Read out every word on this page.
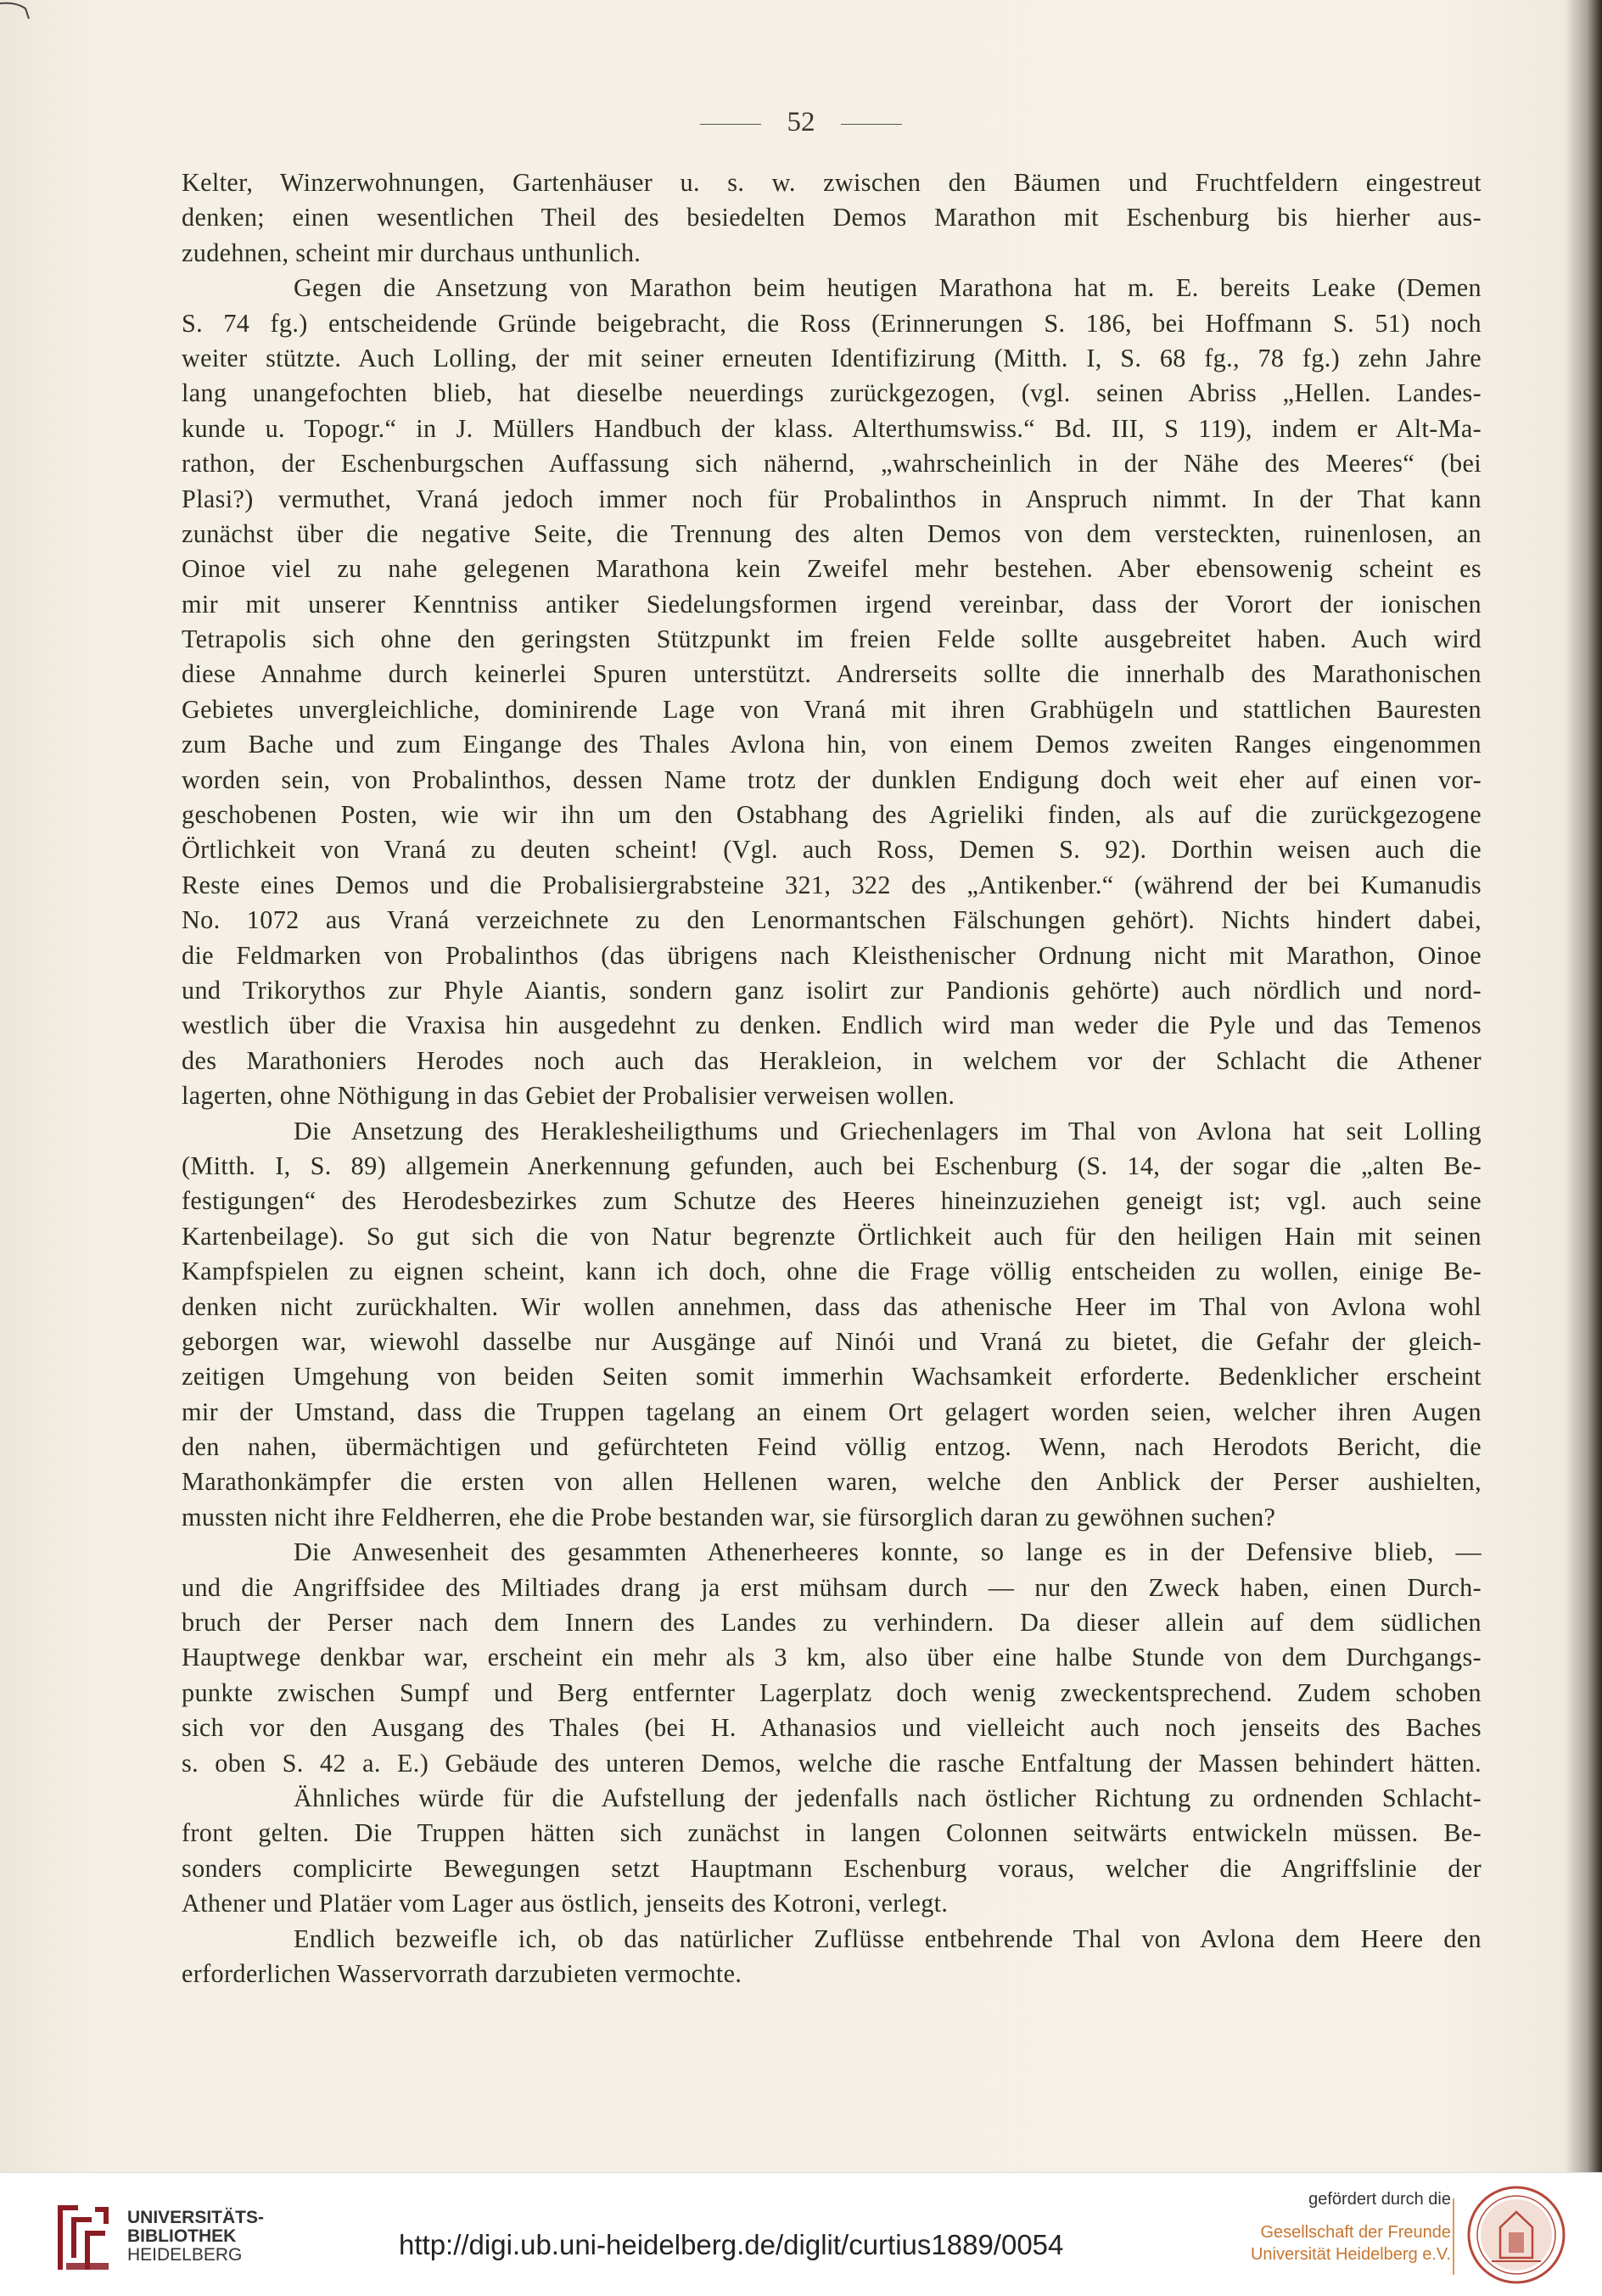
52
Kelter, Winzerwohnungen, Gartenhäuser u. s. w. zwischen den Bäumen und Fruchtfeldern eingestreut
denken; einen wesentlichen Theil des besiedelten Demos Marathon mit Eschenburg bis hierher aus-
zudehnen, scheint mir durchaus unthunlich.
Gegen die Ansetzung von Marathon beim heutigen Marathona hat m. E. bereits Leake (Demen
S. 74 fg.) entscheidende Gründe beigebracht, die Ross (Erinnerungen S. 186, bei Hoffmann S. 51) noch
weiter stützte. Auch Lolling, der mit seiner erneuten Identifizirung (Mitth. I, S. 68 fg., 78 fg.) zehn Jahre
lang unangefochten blieb, hat dieselbe neuerdings zurückgezogen, (vgl. seinen Abriss „Hellen. Landes-
kunde u. Topogr.“ in J. Müllers Handbuch der klass. Alterthumswiss.“ Bd. III, S 119), indem er Alt-Ma-
rathon, der Eschenburgschen Auffassung sich nähernd, „wahrscheinlich in der Nähe des Meeres“ (bei
Plasi?) vermuthet, Vraná jedoch immer noch für Probalinthos in Anspruch nimmt. In der That kann
zunächst über die negative Seite, die Trennung des alten Demos von dem versteckten, ruinenlosen, an
Oinoe viel zu nahe gelegenen Marathona kein Zweifel mehr bestehen. Aber ebensowenig scheint es
mir mit unserer Kenntniss antiker Siedelungsformen irgend vereinbar, dass der Vorort der ionischen
Tetrapolis sich ohne den geringsten Stützpunkt im freien Felde sollte ausgebreitet haben. Auch wird
diese Annahme durch keinerlei Spuren unterstützt. Andrerseits sollte die innerhalb des Marathonischen
Gebietes unvergleichliche, dominirende Lage von Vraná mit ihren Grabhügeln und stattlichen Bauresten
zum Bache und zum Eingange des Thales Avlona hin, von einem Demos zweiten Ranges eingenommen
worden sein, von Probalinthos, dessen Name trotz der dunklen Endigung doch weit eher auf einen vor-
geschobenen Posten, wie wir ihn um den Ostabhang des Agrieliki finden, als auf die zurückgezogene
Örtlichkeit von Vraná zu deuten scheint! (Vgl. auch Ross, Demen S. 92). Dorthin weisen auch die
Reste eines Demos und die Probalisiergrabsteine 321, 322 des „Antikenber.“ (während der bei Kumanudis
No. 1072 aus Vraná verzeichnete zu den Lenormantschen Fälschungen gehört). Nichts hindert dabei,
die Feldmarken von Probalinthos (das übrigens nach Kleisthenischer Ordnung nicht mit Marathon, Oinoe
und Trikorythos zur Phyle Aiantis, sondern ganz isolirt zur Pandionis gehörte) auch nördlich und nord-
westlich über die Vraxisa hin ausgedehnt zu denken. Endlich wird man weder die Pyle und das Temenos
des Marathoniers Herodes noch auch das Herakleion, in welchem vor der Schlacht die Athener
lagerten, ohne Nöthigung in das Gebiet der Probalisier verweisen wollen.
Die Ansetzung des Heraklesheiligthums und Griechenlagers im Thal von Avlona hat seit Lolling
(Mitth. I, S. 89) allgemein Anerkennung gefunden, auch bei Eschenburg (S. 14, der sogar die „alten Be-
festigungen“ des Herodesbezirkes zum Schutze des Heeres hineinzuziehen geneigt ist; vgl. auch seine
Kartenbeilage). So gut sich die von Natur begrenzte Örtlichkeit auch für den heiligen Hain mit seinen
Kampfspielen zu eignen scheint, kann ich doch, ohne die Frage völlig entscheiden zu wollen, einige Be-
denken nicht zurückhalten. Wir wollen annehmen, dass das athenische Heer im Thal von Avlona wohl
geborgen war, wiewohl dasselbe nur Ausgänge auf Ninói und Vraná zu bietet, die Gefahr der gleich-
zeitigen Umgehung von beiden Seiten somit immerhin Wachsamkeit erforderte. Bedenklicher erscheint
mir der Umstand, dass die Truppen tagelang an einem Ort gelagert worden seien, welcher ihren Augen
den nahen, übermächtigen und gefürchteten Feind völlig entzog. Wenn, nach Herodots Bericht, die
Marathonkämpfer die ersten von allen Hellenen waren, welche den Anblick der Perser aushielten,
mussten nicht ihre Feldherren, ehe die Probe bestanden war, sie fürsorglich daran zu gewöhnen suchen?
Die Anwesenheit des gesammten Athenerheeres konnte, so lange es in der Defensive blieb, —
und die Angriffsidee des Miltiades drang ja erst mühsam durch — nur den Zweck haben, einen Durch-
bruch der Perser nach dem Innern des Landes zu verhindern. Da dieser allein auf dem südlichen
Hauptwege denkbar war, erscheint ein mehr als 3 km, also über eine halbe Stunde von dem Durchgangs-
punkte zwischen Sumpf und Berg entfernter Lagerplatz doch wenig zweckentsprechend. Zudem schoben
sich vor den Ausgang des Thales (bei H. Athanasios und vielleicht auch noch jenseits des Baches
s. oben S. 42 a. E.) Gebäude des unteren Demos, welche die rasche Entfaltung der Massen behindert hätten.
Ähnliches würde für die Aufstellung der jedenfalls nach östlicher Richtung zu ordnenden Schlacht-
front gelten. Die Truppen hätten sich zunächst in langen Colonnen seitwärts entwickeln müssen. Be-
sonders complicirte Bewegungen setzt Hauptmann Eschenburg voraus, welcher die Angriffslinie der
Athener und Platäer vom Lager aus östlich, jenseits des Kotroni, verlegt.
Endlich bezweifle ich, ob das natürlicher Zuflüsse entbehrende Thal von Avlona dem Heere den
erforderlichen Wasservorrath darzubieten vermochte.
UNIVERSITÄTS-
BIBLIOTHEK
HEIDELBERG	http://digi.ub.uni-heidelberg.de/diglit/curtius1889/0054
gefördert durch die
Gesellschaft der Freunde
Universität Heidelberg e.V.
